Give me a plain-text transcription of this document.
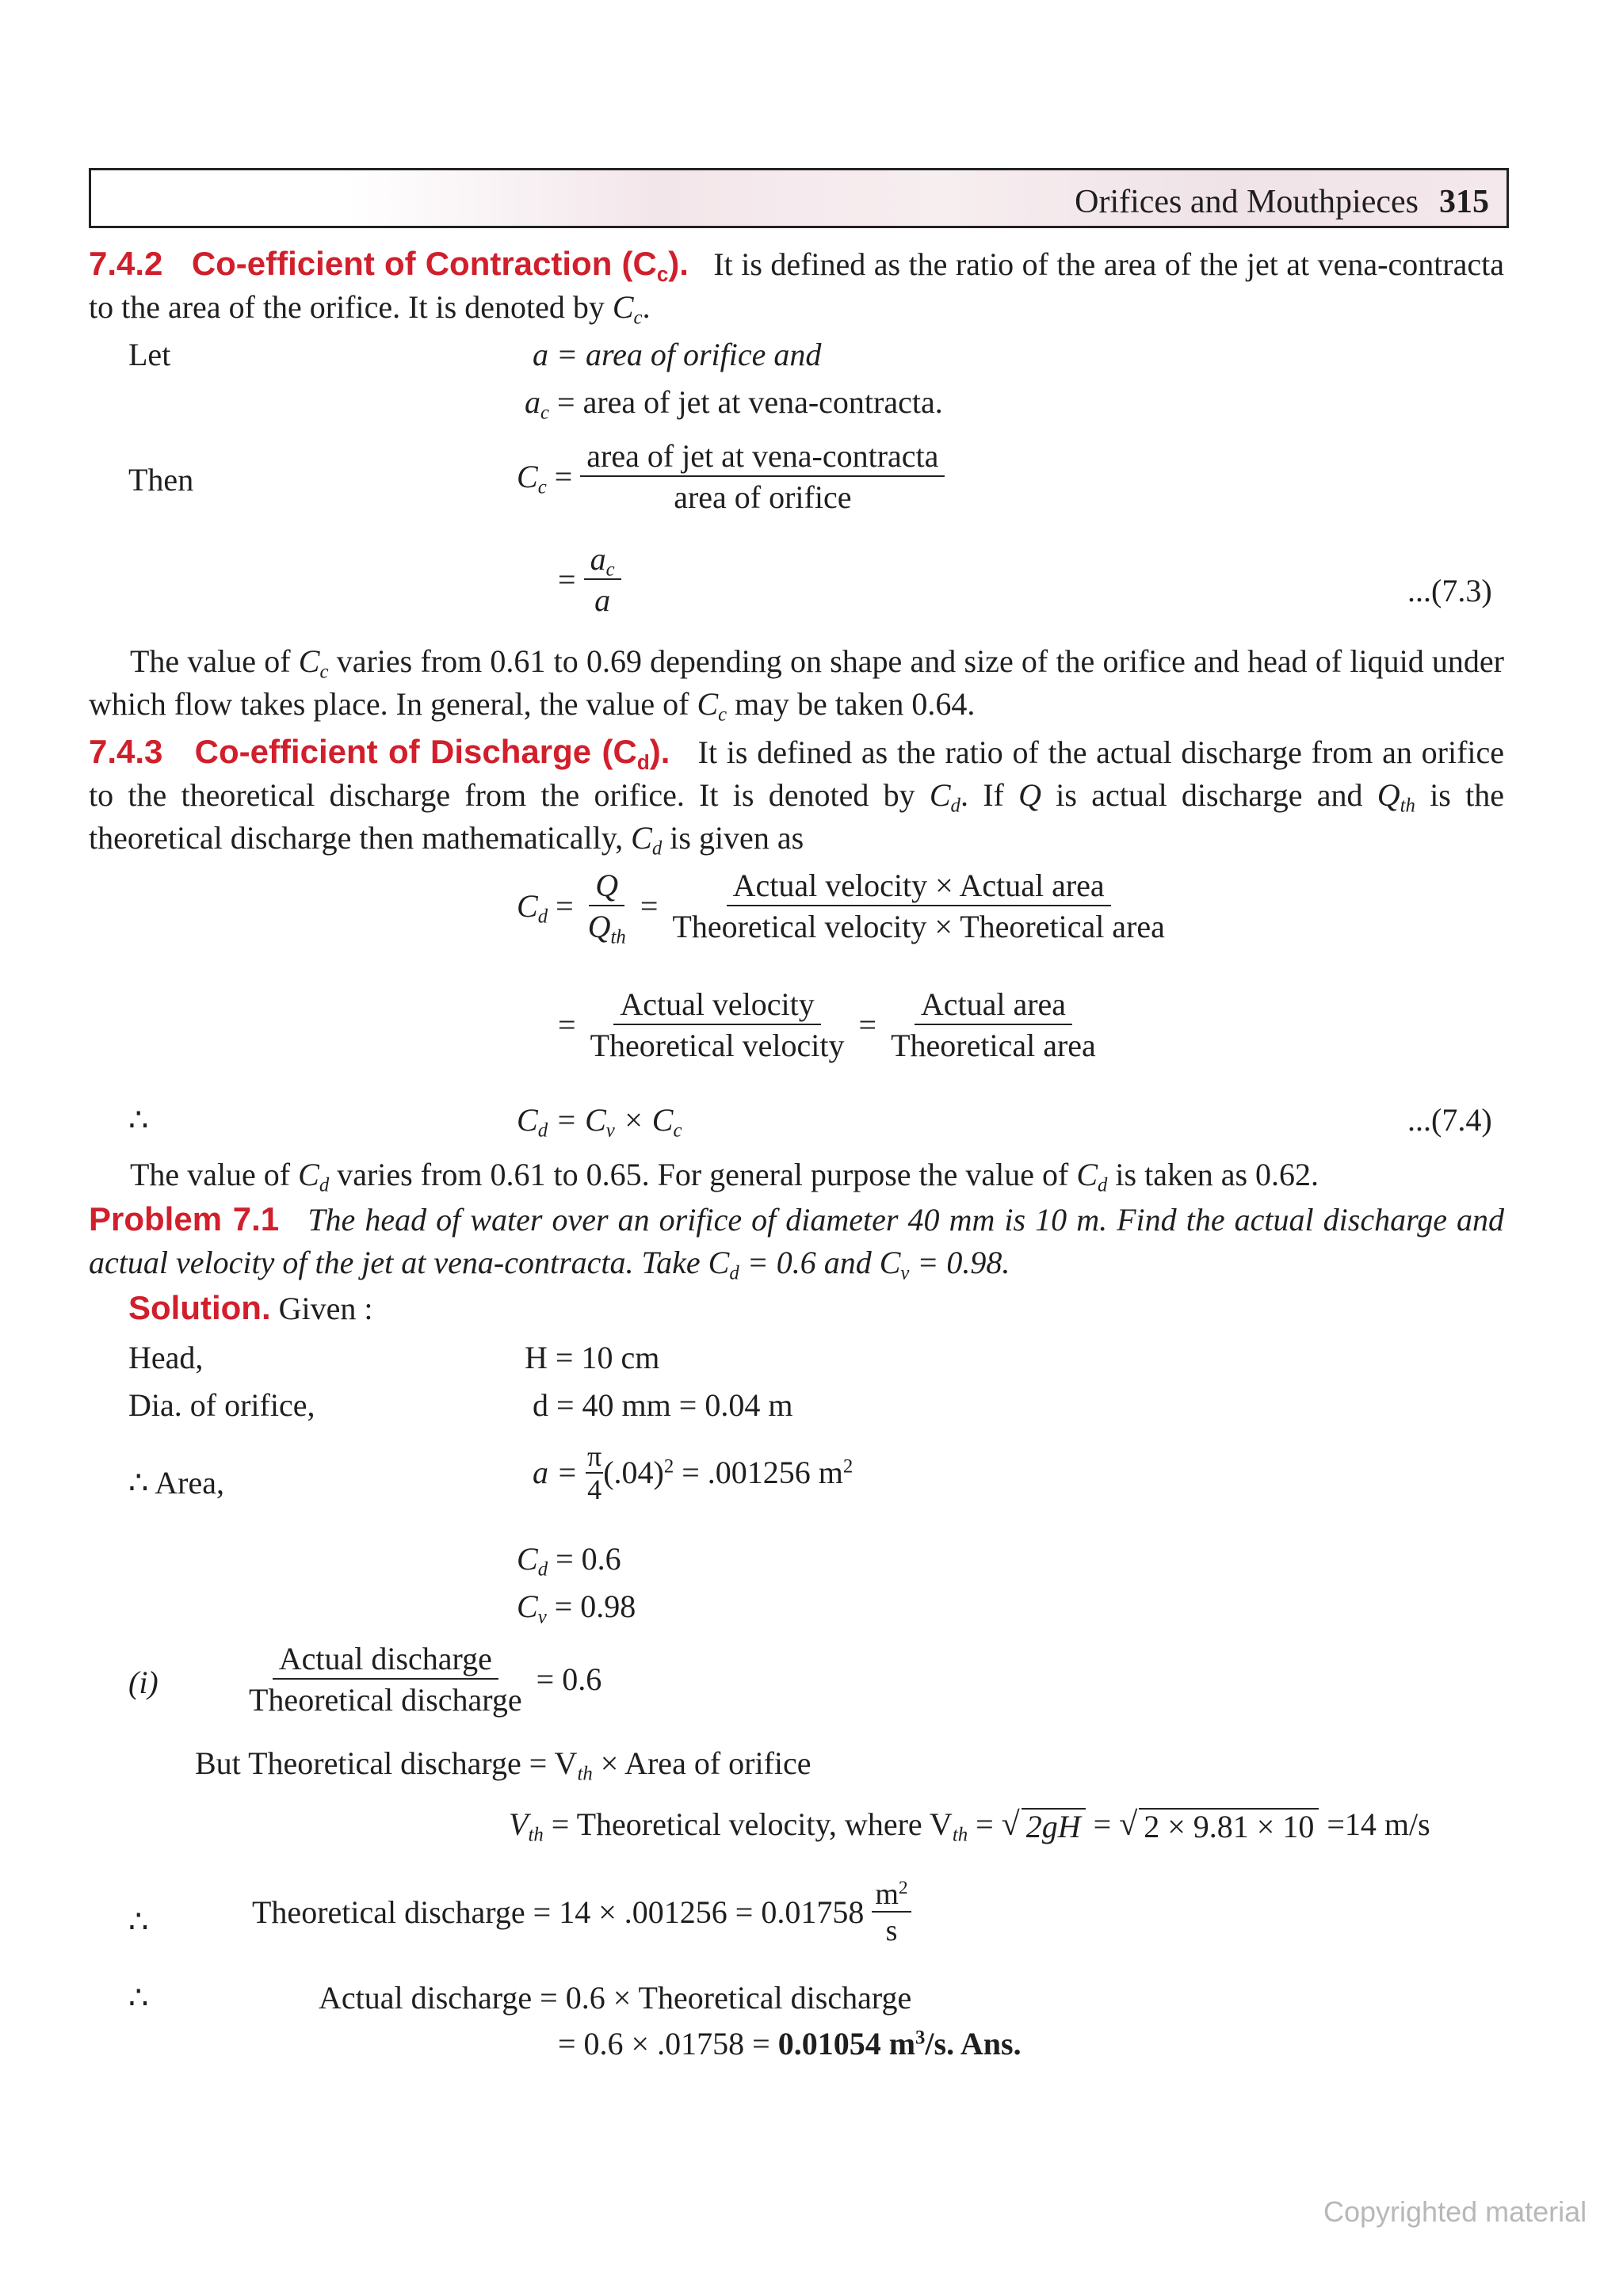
Orifices and Mouthpieces 315
7.4.2 Co-efficient of Contraction $(C_c)$. It is defined as the ratio of the area of the jet at vena-contracta to the area of the orifice. It is denoted by $C_c$.
Let	a = area of orifice and
$a_c$ = area of jet at vena-contracta.
Then	$C_c = \frac{\text{area of jet at vena-contracta}}{\text{area of orifice}}$
= $\frac{a_c}{a}$	...(7.3)
The value of $C_c$ varies from 0.61 to 0.69 depending on shape and size of the orifice and head of liquid under which flow takes place. In general, the value of $C_c$ may be taken 0.64.
7.4.3 Co-efficient of Discharge $(C_d)$. It is defined as the ratio of the actual discharge from an orifice to the theoretical discharge from the orifice. It is denoted by $C_d$. If Q is actual discharge and $Q_{th}$ is the theoretical discharge then mathematically, $C_d$ is given as
$C_d = \frac{Q}{Q_{th}} = \frac{\text{Actual velocity × Actual area}}{\text{Theoretical velocity × Theoretical area}}$
= $\frac{\text{Actual velocity}}{\text{Theoretical velocity}} = \frac{\text{Actual area}}{\text{Theoretical area}}$
∴	$C_d = C_v \times C_c$	...(7.4)
The value of $C_d$ varies from 0.61 to 0.65. For general purpose the value of $C_d$ is taken as 0.62.
Problem 7.1 The head of water over an orifice of diameter 40 mm is 10 m. Find the actual discharge and actual velocity of the jet at vena-contracta. Take $C_d = 0.6$ and $C_v = 0.98$.
Solution. Given :
Head,	H = 10 cm
Dia. of orifice,	d = 40 mm = 0.04 m
∴ Area,	$a = \frac{\pi}{4} (.04)^2 = .001256$ $m^2$
$C_d = 0.6$
$C_v = 0.98$
(i)	$\frac{\text{Actual discharge}}{\text{Theoretical discharge}} = 0.6$
But Theoretical discharge = $V_{th}$ × Area of orifice
$V_{th}$ = Theoretical velocity, where $V_{th}$ = √ 2gH = √ 2 × 9.81 × 10 =14 m/s
∴	Theoretical discharge = $14 \times .001256 = 0.01758 \frac{m^2}{s}$
∴	Actual discharge = 0.6 × Theoretical discharge
= 0.6 × .01758 = 0.01054 $m^3/s$. Ans.
Copyrighted material
